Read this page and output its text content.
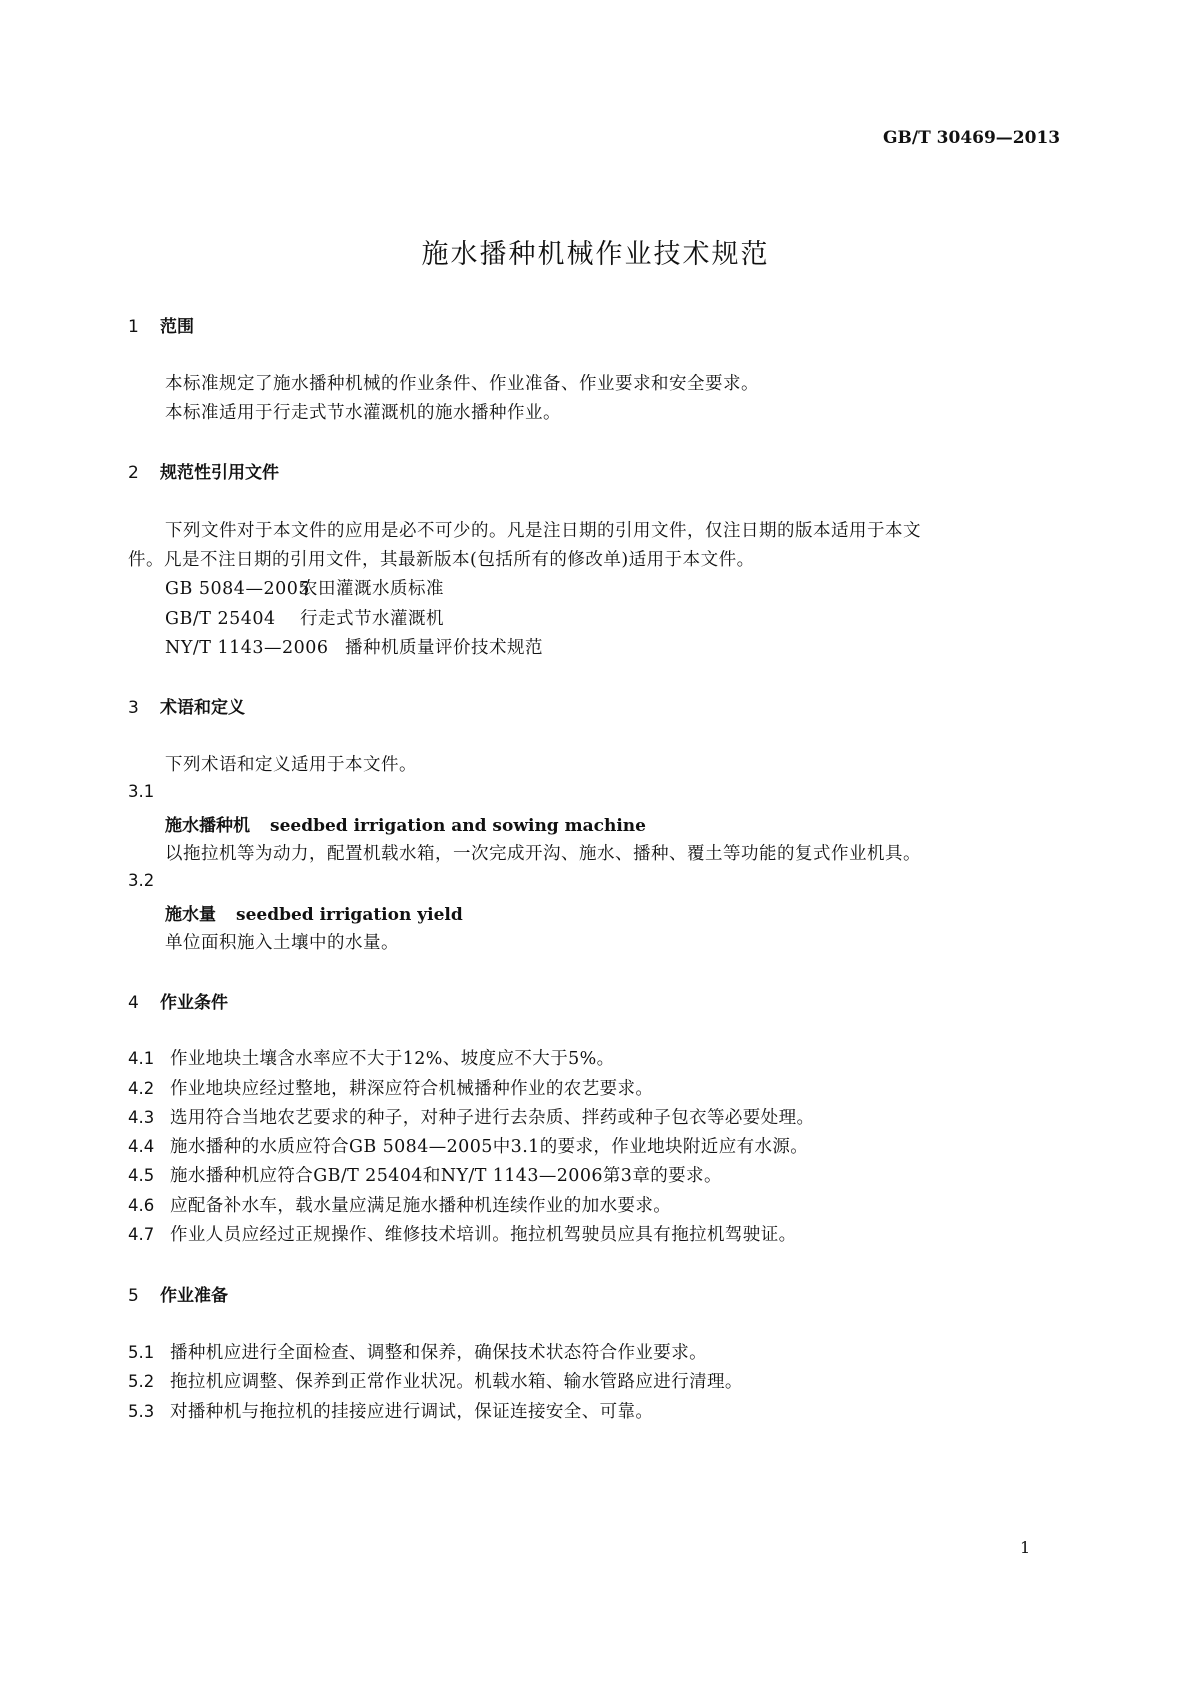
GB/T 30469—2013
施水播种机械作业技术规范
1 范围
本标准规定了施水播种机械的作业条件、作业准备、作业要求和安全要求。
本标准适用于行走式节水灌溉机的施水播种作业。
2 规范性引用文件
下列文件对于本文件的应用是必不可少的。凡是注日期的引用文件，仅注日期的版本适用于本文
件。凡是不注日期的引用文件，其最新版本(包括所有的修改单)适用于本文件。
GB 5084—2005农田灌溉水质标准
GB/T 25404 行走式节水灌溉机
NY/T 1143—2006 播种机质量评价技术规范
3 术语和定义
下列术语和定义适用于本文件。
3.1
施水播种机 seedbed irrigation and sowing machine
以拖拉机等为动力，配置机载水箱，一次完成开沟、施水、播种、覆土等功能的复式作业机具。
3.2
施水量 seedbed irrigation yield
单位面积施入土壤中的水量。
4 作业条件
4.1 作业地块土壤含水率应不大于12%、坡度应不大于5%。
4.2 作业地块应经过整地，耕深应符合机械播种作业的农艺要求。
4.3 选用符合当地农艺要求的种子，对种子进行去杂质、拌药或种子包衣等必要处理。
4.4 施水播种的水质应符合GB 5084—2005中3.1的要求，作业地块附近应有水源。
4.5 施水播种机应符合GB/T 25404和NY/T 1143—2006第3章的要求。
4.6 应配备补水车，载水量应满足施水播种机连续作业的加水要求。
4.7 作业人员应经过正规操作、维修技术培训。拖拉机驾驶员应具有拖拉机驾驶证。
5 作业准备
5.1 播种机应进行全面检查、调整和保养，确保技术状态符合作业要求。
5.2 拖拉机应调整、保养到正常作业状况。机载水箱、输水管路应进行清理。
5.3 对播种机与拖拉机的挂接应进行调试，保证连接安全、可靠。
1
